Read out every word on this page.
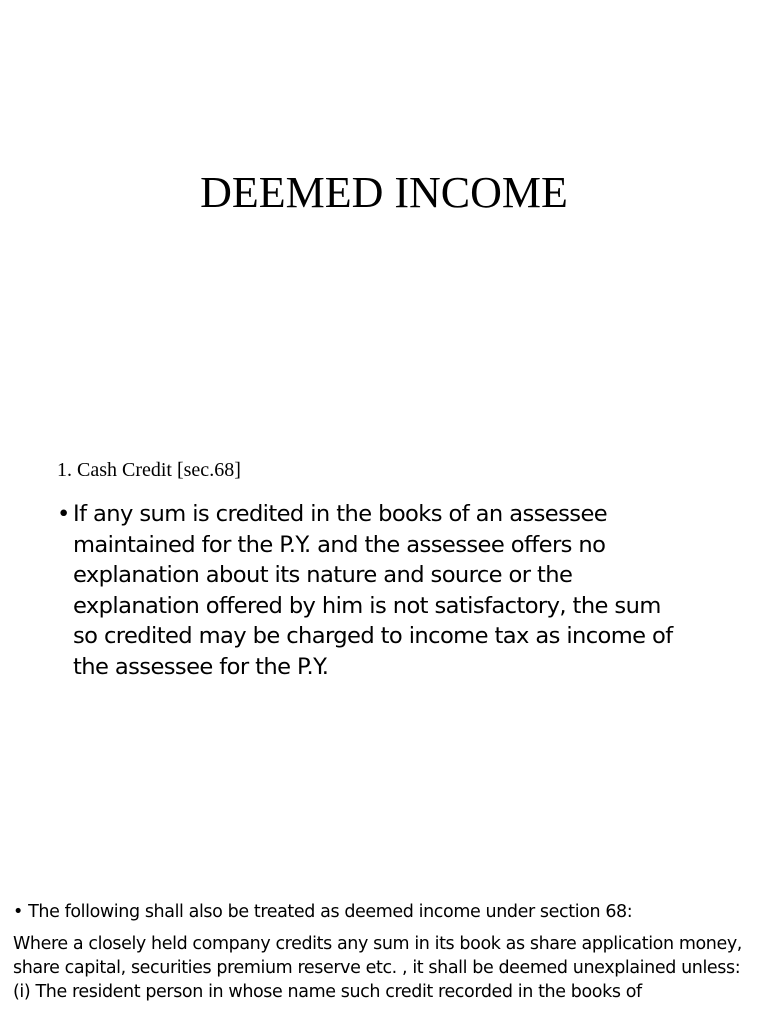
DEEMED INCOME
1. Cash Credit [sec.68]
• If any sum is credited in the books of an assessee maintained for the P.Y. and the assessee offers no explanation about its nature and source or the explanation offered by him is not satisfactory, the sum so credited may be charged to income tax as income of the assessee for the P.Y.

• The following shall also be treated as deemed income under section 68:

Where a closely held company credits any sum in its book as share application money, share capital, securities premium reserve etc. , it shall be deemed unexplained unless:

(i) The resident person in whose name such credit recorded in the books of
